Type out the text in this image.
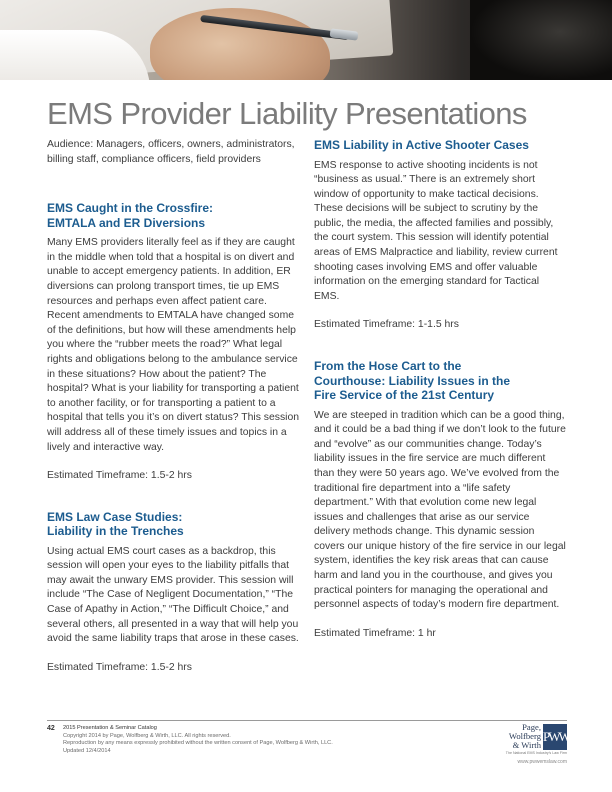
EMS Provider Liability Presentations

Audience: Managers, officers, owners, administrators, billing staff, compliance officers, field providers

EMS Caught in the Crossfire:
EMTALA and ER Diversions

Many EMS providers literally feel as if they are caught in the middle when told that a hospital is on divert and unable to accept emergency patients. In addition, ER diversions can prolong transport times, tie up EMS resources and perhaps even affect patient care. Recent amendments to EMTALA have changed some of the definitions, but how will these amendments help you where the “rubber meets the road?” What legal rights and obligations belong to the ambulance service in these situations? How about the patient? The hospital? What is your liability for transporting a patient to another facility, or for transporting a patient to a hospital that tells you it’s on divert status? This session will address all of these timely issues and topics in a lively and interactive way.

Estimated Timeframe: 1.5-2 hrs

EMS Law Case Studies:
Liability in the Trenches

Using actual EMS court cases as a backdrop, this session will open your eyes to the liability pitfalls that may await the unwary EMS provider. This session will include “The Case of Negligent Documentation,” “The Case of Apathy in Action,” “The Difficult Choice,” and several others, all presented in a way that will help you avoid the same liability traps that arose in these cases.

Estimated Timeframe: 1.5-2 hrs

EMS Liability in Active Shooter Cases

EMS response to active shooting incidents is not “business as usual.” There is an extremely short window of opportunity to make tactical decisions. These decisions will be subject to scrutiny by the public, the media, the affected families and possibly, the court system. This session will identify potential areas of EMS Malpractice and liability, review current shooting cases involving EMS and offer valuable information on the emerging standard for Tactical EMS.

Estimated Timeframe: 1-1.5 hrs

From the Hose Cart to the
Courthouse: Liability Issues in the
Fire Service of the 21st Century

We are steeped in tradition which can be a good thing, and it could be a bad thing if we don’t look to the future and “evolve” as our communities change. Today’s liability issues in the fire service are much different than they were 50 years ago. We’ve evolved from the traditional fire department into a “life safety department.” With that evolution come new legal issues and challenges that arise as our service delivery methods change. This dynamic session covers our unique history of the fire service in our legal system, identifies the key risk areas that can cause harm and land you in the courthouse, and gives you practical pointers for managing the operational and personnel aspects of today’s modern fire department.

Estimated Timeframe: 1 hr

42 2015 Presentation & Seminar Catalog
Copyright 2014 by Page, Wolfberg & Wirth, LLC. All rights reserved.
Reproduction by any means expressly prohibited without the written consent of Page, Wolfberg & Wirth, LLC.
Updated 12/4/2014
Page,
Wolfberg
& Wirth
PWW
The National EMS Industry’s Law Firm
www.pwwemslaw.com
